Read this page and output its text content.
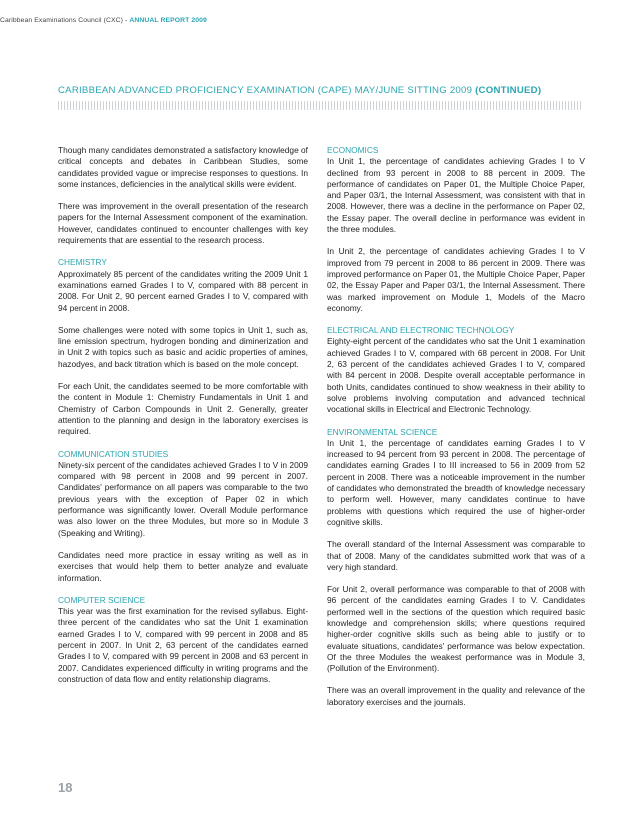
Caribbean Examinations Council (CXC) - ANNUAL REPORT 2009
CARIBBEAN ADVANCED PROFICIENCY EXAMINATION (CAPE) MAY/JUNE SITTING 2009 (CONTINUED)

Though many candidates demonstrated a satisfactory knowledge of critical concepts and debates in Caribbean Studies, some candidates provided vague or imprecise responses to questions. In some instances, deficiencies in the analytical skills were evident.

There was improvement in the overall presentation of the research papers for the Internal Assessment component of the examination. However, candidates continued to encounter challenges with key requirements that are essential to the research process.

CHEMISTRY

Approximately 85 percent of the candidates writing the 2009 Unit 1 examinations earned Grades I to V, compared with 88 percent in 2008. For Unit 2, 90 percent earned Grades I to V, compared with 94 percent in 2008.

Some challenges were noted with some topics in Unit 1, such as, line emission spectrum, hydrogen bonding and diminerization and in Unit 2 with topics such as basic and acidic properties of amines, hazodyes, and back titration which is based on the mole concept.

For each Unit, the candidates seemed to be more comfortable with the content in Module 1: Chemistry Fundamentals in Unit 1 and Chemistry of Carbon Compounds in Unit 2. Generally, greater attention to the planning and design in the laboratory exercises is required.

COMMUNICATION STUDIES

Ninety-six percent of the candidates achieved Grades I to V in 2009 compared with 98 percent in 2008 and 99 percent in 2007. Candidates' performance on all papers was comparable to the two previous years with the exception of Paper 02 in which performance was significantly lower. Overall Module performance was also lower on the three Modules, but more so in Module 3 (Speaking and Writing).

Candidates need more practice in essay writing as well as in exercises that would help them to better analyze and evaluate information.

COMPUTER SCIENCE

This year was the first examination for the revised syllabus. Eight-three percent of the candidates who sat the Unit 1 examination earned Grades I to V, compared with 99 percent in 2008 and 85 percent in 2007. In Unit 2, 63 percent of the candidates earned Grades I to V, compared with 99 percent in 2008 and 63 percent in 2007. Candidates experienced difficulty in writing programs and the construction of data flow and entity relationship diagrams.

ECONOMICS

In Unit 1, the percentage of candidates achieving Grades I to V declined from 93 percent in 2008 to 88 percent in 2009. The performance of candidates on Paper 01, the Multiple Choice Paper, and Paper 03/1, the Internal Assessment, was consistent with that in 2008. However, there was a decline in the performance on Paper 02, the Essay paper. The overall decline in performance was evident in the three modules.

In Unit 2, the percentage of candidates achieving Grades I to V improved from 79 percent in 2008 to 86 percent in 2009. There was improved performance on Paper 01, the Multiple Choice Paper, Paper 02, the Essay Paper and Paper 03/1, the Internal Assessment. There was marked improvement on Module 1, Models of the Macro economy.

ELECTRICAL AND ELECTRONIC TECHNOLOGY

Eighty-eight percent of the candidates who sat the Unit 1 examination achieved Grades I to V, compared with 68 percent in 2008. For Unit 2, 63 percent of the candidates achieved Grades I to V, compared with 84 percent in 2008. Despite overall acceptable performance in both Units, candidates continued to show weakness in their ability to solve problems involving computation and advanced technical vocational skills in Electrical and Electronic Technology.

ENVIRONMENTAL SCIENCE

In Unit 1, the percentage of candidates earning Grades I to V increased to 94 percent from 93 percent in 2008. The percentage of candidates earning Grades I to III increased to 56 in 2009 from 52 percent in 2008. There was a noticeable improvement in the number of candidates who demonstrated the breadth of knowledge necessary to perform well. However, many candidates continue to have problems with questions which required the use of higher-order cognitive skills.

The overall standard of the Internal Assessment was comparable to that of 2008. Many of the candidates submitted work that was of a very high standard.

For Unit 2, overall performance was comparable to that of 2008 with 96 percent of the candidates earning Grades I to V. Candidates performed well in the sections of the question which required basic knowledge and comprehension skills; where questions required higher-order cognitive skills such as being able to justify or to evaluate situations, candidates' performance was below expectation. Of the three Modules the weakest performance was in Module 3, (Pollution of the Environment).

There was an overall improvement in the quality and relevance of the laboratory exercises and the journals.

18
